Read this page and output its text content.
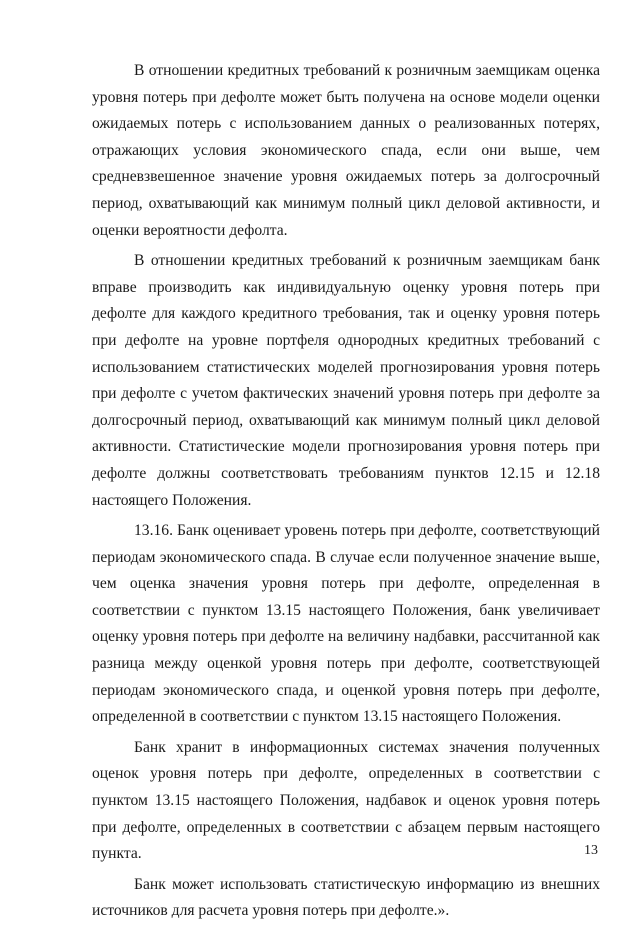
В отношении кредитных требований к розничным заемщикам оценка уровня потерь при дефолте может быть получена на основе модели оценки ожидаемых потерь с использованием данных о реализованных потерях, отражающих условия экономического спада, если они выше, чем средневзвешенное значение уровня ожидаемых потерь за долгосрочный период, охватывающий как минимум полный цикл деловой активности, и оценки вероятности дефолта.

В отношении кредитных требований к розничным заемщикам банк вправе производить как индивидуальную оценку уровня потерь при дефолте для каждого кредитного требования, так и оценку уровня потерь при дефолте на уровне портфеля однородных кредитных требований с использованием статистических моделей прогнозирования уровня потерь при дефолте с учетом фактических значений уровня потерь при дефолте за долгосрочный период, охватывающий как минимум полный цикл деловой активности. Статистические модели прогнозирования уровня потерь при дефолте должны соответствовать требованиям пунктов 12.15 и 12.18 настоящего Положения.

13.16. Банк оценивает уровень потерь при дефолте, соответствующий периодам экономического спада. В случае если полученное значение выше, чем оценка значения уровня потерь при дефолте, определенная в соответствии с пунктом 13.15 настоящего Положения, банк увеличивает оценку уровня потерь при дефолте на величину надбавки, рассчитанной как разница между оценкой уровня потерь при дефолте, соответствующей периодам экономического спада, и оценкой уровня потерь при дефолте, определенной в соответствии с пунктом 13.15 настоящего Положения.

Банк хранит в информационных системах значения полученных оценок уровня потерь при дефолте, определенных в соответствии с пунктом 13.15 настоящего Положения, надбавок и оценок уровня потерь при дефолте, определенных в соответствии с абзацем первым настоящего пункта.

Банк может использовать статистическую информацию из внешних источников для расчета уровня потерь при дефолте.».

13
